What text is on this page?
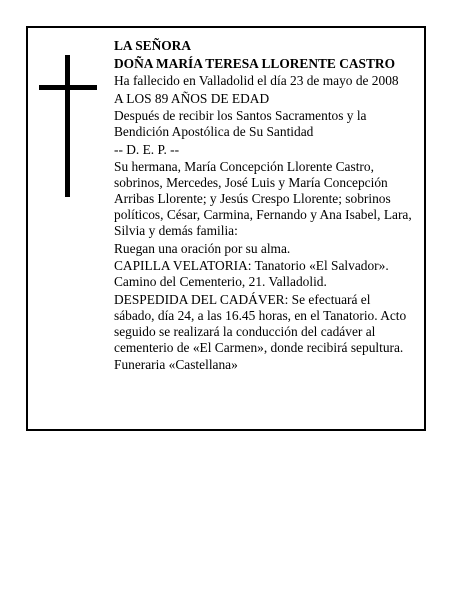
LA SEÑORA

DOÑA MARÍA TERESA LLORENTE CASTRO

Ha fallecido en Valladolid el día 23 de mayo de 2008

A LOS 89 AÑOS DE EDAD

Después de recibir los Santos Sacramentos y la Bendición Apostólica de Su Santidad

-- D. E. P. --

Su hermana, María Concepción Llorente Castro, sobrinos, Mercedes, José Luis y María Concepción Arribas Llorente; y Jesús Crespo Llorente; sobrinos políticos, César, Carmina, Fernando y Ana Isabel, Lara, Silvia y demás familia:

Ruegan una oración por su alma.

CAPILLA VELATORIA: Tanatorio «El Salvador». Camino del Cementerio, 21. Valladolid.

DESPEDIDA DEL CADÁVER: Se efectuará el sábado, día 24, a las 16.45 horas, en el Tanatorio. Acto seguido se realizará la conducción del cadáver al cementerio de «El Carmen», donde recibirá sepultura.

Funeraria «Castellana»
